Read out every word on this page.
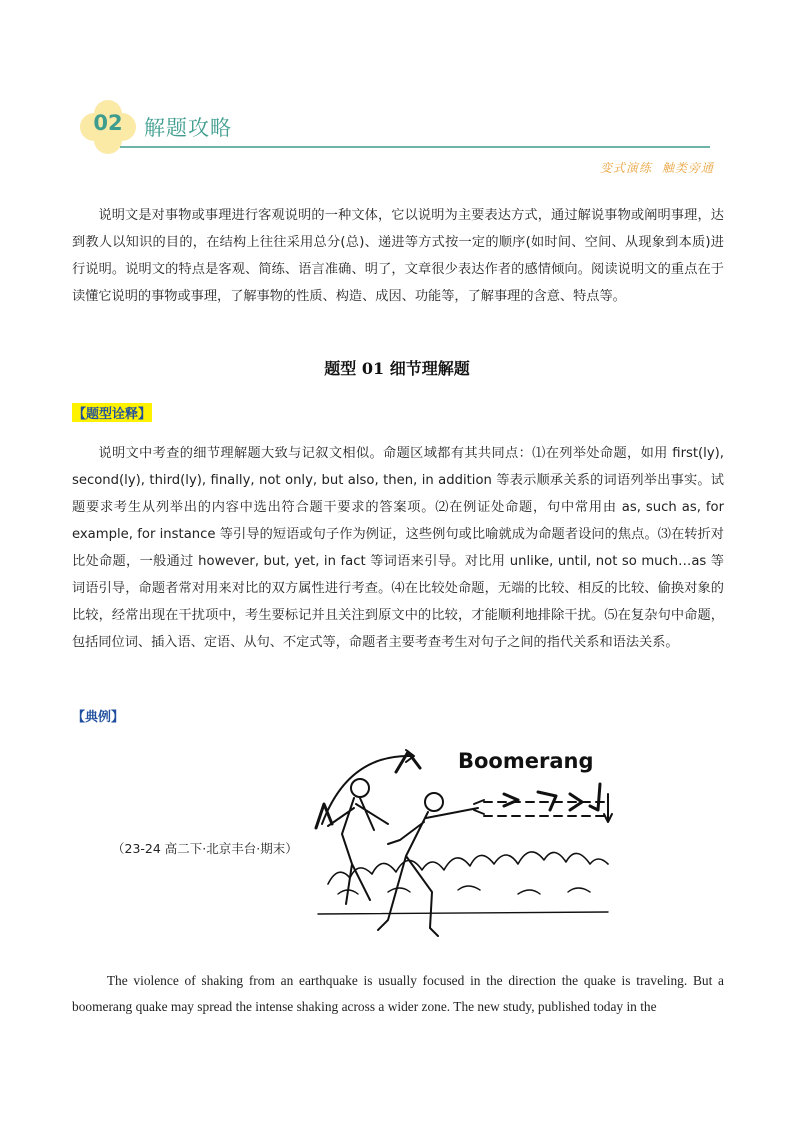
02	解题攻略
变式演练 触类旁通
说明文是对事物或事理进行客观说明的一种文体，它以说明为主要表达方式，通过解说事物或阐明事理，达到教人以知识的目的，在结构上往往采用总分(总)、递进等方式按一定的顺序(如时间、空间、从现象到本质)进行说明。说明文的特点是客观、简练、语言准确、明了，文章很少表达作者的感情倾向。阅读说明文的重点在于读懂它说明的事物或事理，了解事物的性质、构造、成因、功能等，了解事理的含意、特点等。
题型 01 细节理解题
【题型诠释】
说明文中考查的细节理解题大致与记叙文相似。命题区域都有其共同点：⑴在列举处命题，如用 first(ly), second(ly), third(ly), finally, not only, but also, then, in addition 等表示顺承关系的词语列举出事实。试题要求考生从列举出的内容中选出符合题干要求的答案项。⑵在例证处命题，句中常用由 as, such as, for example, for instance 等引导的短语或句子作为例证，这些例句或比喻就成为命题者设问的焦点。⑶在转折对比处命题，一般通过 however, but, yet, in fact 等词语来引导。对比用 unlike, until, not so much…as 等词语引导，命题者常对用来对比的双方属性进行考查。⑷在比较处命题，无端的比较、相反的比较、偷换对象的比较，经常出现在干扰项中，考生要标记并且关注到原文中的比较，才能顺利地排除干扰。⑸在复杂句中命题，包括同位词、插入语、定语、从句、不定式等，命题者主要考查考生对句子之间的指代关系和语法关系。
【典例】
（23-24 高二下·北京丰台·期末）
Boomerang
The violence of shaking from an earthquake is usually focused in the direction the quake is traveling. But a boomerang quake may spread the intense shaking across a wider zone. The new study, published today in the
